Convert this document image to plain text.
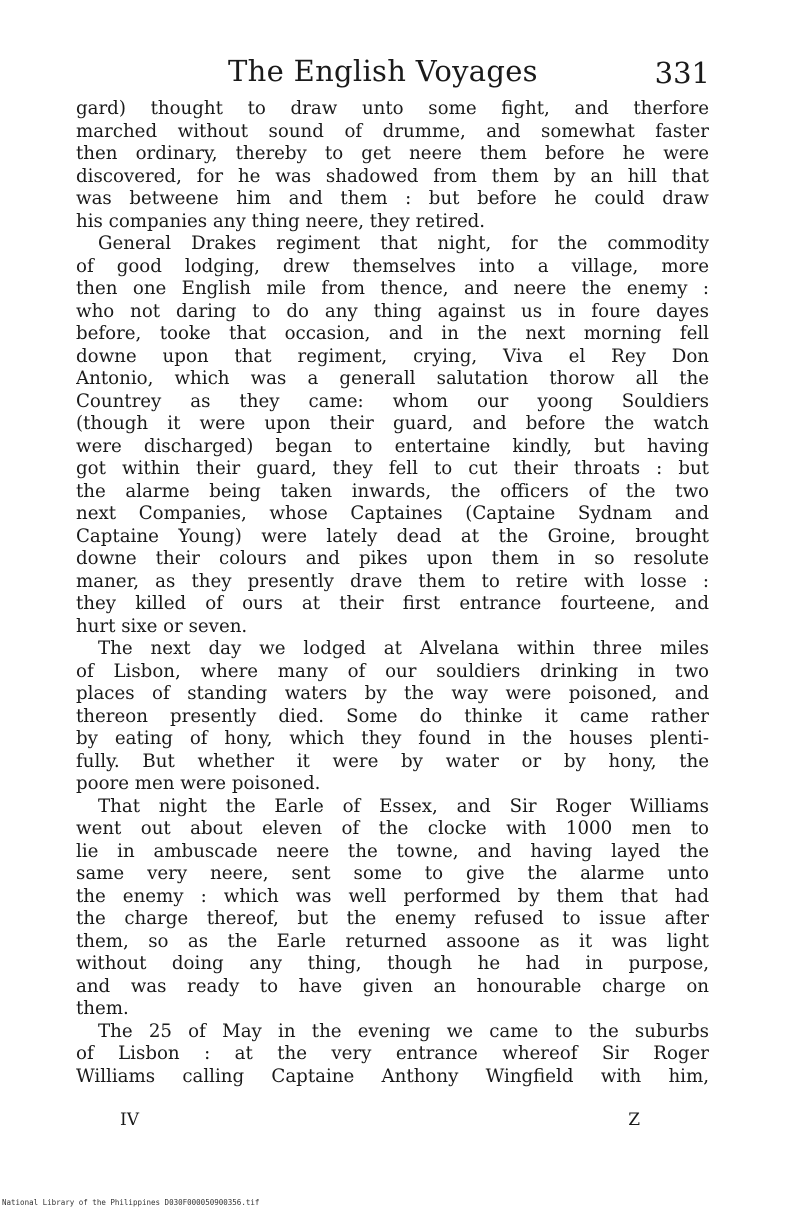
The English Voyages	331
gard) thought to draw unto some fight, and therfore
marched without sound of drumme, and somewhat faster
then ordinary, thereby to get neere them before he were
discovered, for he was shadowed from them by an hill that
was betweene him and them : but before he could draw
his companies any thing neere, they retired.
General Drakes regiment that night, for the commodity
of good lodging, drew themselves into a village, more
then one English mile from thence, and neere the enemy :
who not daring to do any thing against us in foure dayes
before, tooke that occasion, and in the next morning fell
downe upon that regiment, crying, Viva el Rey Don
Antonio, which was a generall salutation thorow all the
Countrey as they came: whom our yoong Souldiers
(though it were upon their guard, and before the watch
were discharged) began to entertaine kindly, but having
got within their guard, they fell to cut their throats : but
the alarme being taken inwards, the officers of the two
next Companies, whose Captaines (Captaine Sydnam and
Captaine Young) were lately dead at the Groine, brought
downe their colours and pikes upon them in so resolute
maner, as they presently drave them to retire with losse :
they killed of ours at their first entrance fourteene, and
hurt sixe or seven.
The next day we lodged at Alvelana within three miles
of Lisbon, where many of our souldiers drinking in two
places of standing waters by the way were poisoned, and
thereon presently died. Some do thinke it came rather
by eating of hony, which they found in the houses plenti-
fully. But whether it were by water or by hony, the
poore men were poisoned.
That night the Earle of Essex, and Sir Roger Williams
went out about eleven of the clocke with 1000 men to
lie in ambuscade neere the towne, and having layed the
same very neere, sent some to give the alarme unto
the enemy : which was well performed by them that had
the charge thereof, but the enemy refused to issue after
them, so as the Earle returned assoone as it was light
without doing any thing, though he had in purpose,
and was ready to have given an honourable charge on
them.
The 25 of May in the evening we came to the suburbs
of Lisbon : at the very entrance whereof Sir Roger
Williams calling Captaine Anthony Wingfield with him,
IV	Z
National Library of the Philippines D030F000050900356.tif
